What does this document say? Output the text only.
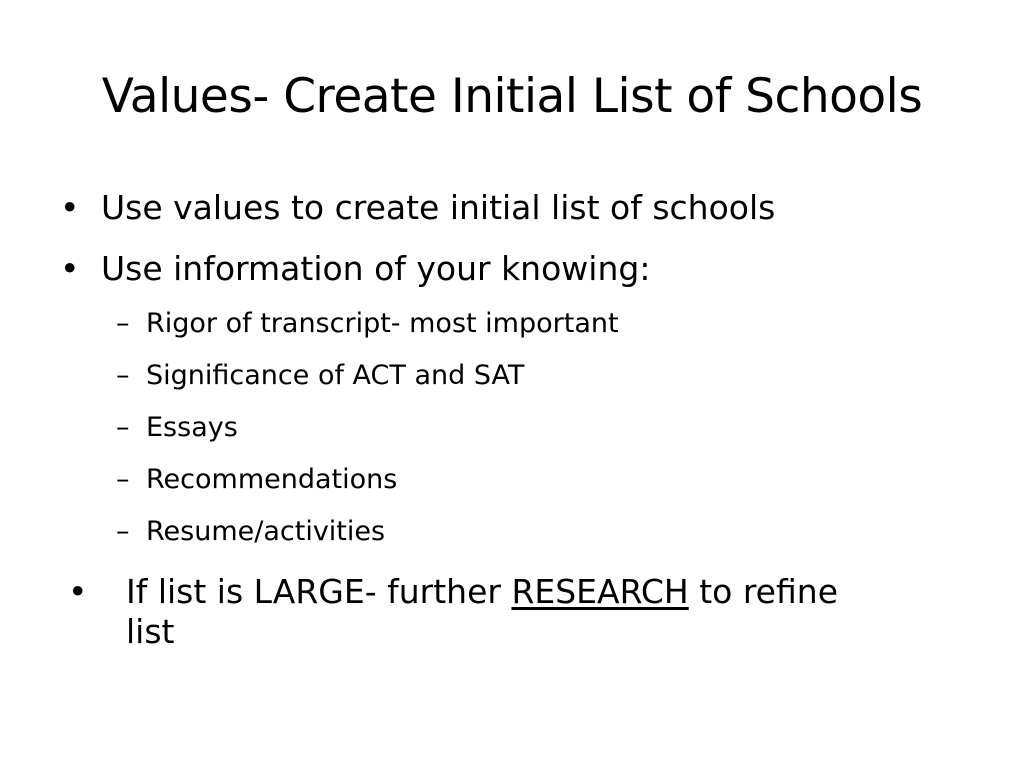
Values- Create Initial List of Schools
• Use values to create initial list of schools
• Use information of your knowing:
– Rigor of transcript- most important
– Significance of ACT and SAT
– Essays
– Recommendations
– Resume/activities
• If list is LARGE- further RESEARCH to refine
list
